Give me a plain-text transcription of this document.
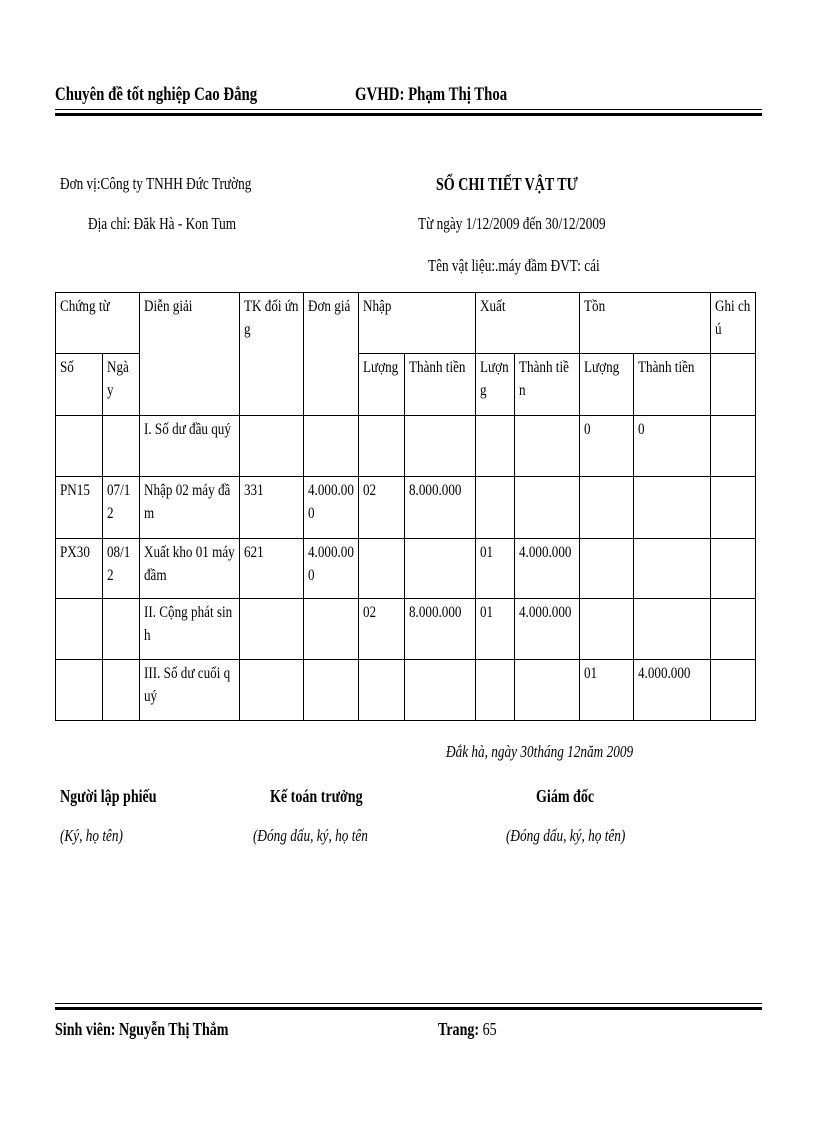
Chuyên đề tốt nghiệp Cao Đẳng	GVHD: Phạm Thị Thoa
Đơn vị:Công ty TNHH Đức Trường
Địa chỉ: Đăk Hà - Kon Tum
SỔ CHI TIẾT VẬT TƯ
Từ ngày 1/12/2009 đến 30/12/2009
Tên vật liệu:.máy đầm ĐVT: cái
Chứng từ		Diễn giải	TK đối ứng	Đơn giá	Nhập		Xuất		Tồn		Ghi chú

Số	Ngày				Lượng	Thành tiền	Lượng	Thành tiền	Lượng	Thành tiền	

		I. Số dư đầu quý							0	0	

PN15	07/12	Nhập 02 máy đầm	331	4.000.000	02	8.000.000					

PX30	08/12	Xuất kho 01 máy đầm	621	4.000.000			01	4.000.000			

		II. Cộng phát sinh			02	8.000.000	01	4.000.000			

		III. Số dư cuối quý							01	4.000.000	

Đắk hà, ngày 30tháng 12năm 2009
Người lập phiếu
(Ký, họ tên)
Kế toán trưởng
(Đóng dấu, ký, họ tên
Giám đốc
(Đóng dấu, ký, họ tên)
Sinh viên: Nguyễn Thị Thắm	Trang: 65
